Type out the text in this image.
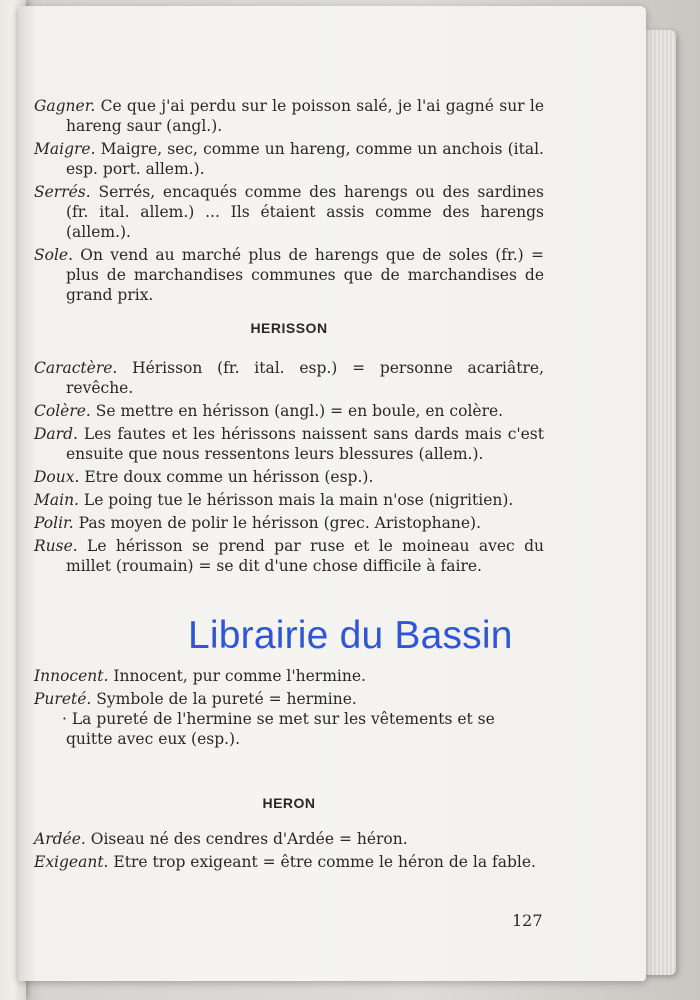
Gagner. Ce que j'ai perdu sur le poisson salé, je l'ai gagné sur le hareng saur (angl.).
Maigre. Maigre, sec, comme un hareng, comme un anchois (ital. esp. port. allem.).
Serrés. Serrés, encaqués comme des harengs ou des sardines (fr. ital. allem.) ... Ils étaient assis comme des harengs (allem.).
Sole. On vend au marché plus de harengs que de soles (fr.) = plus de marchandises communes que de marchandises de grand prix.
HERISSON
Caractère. Hérisson (fr. ital. esp.) = personne acariâtre, revêche.
Colère. Se mettre en hérisson (angl.) = en boule, en colère.
Dard. Les fautes et les hérissons naissent sans dards mais c'est ensuite que nous ressentons leurs blessures (allem.).
Doux. Etre doux comme un hérisson (esp.).
Main. Le poing tue le hérisson mais la main n'ose (nigritien).
Polir. Pas moyen de polir le hérisson (grec. Aristophane).
Ruse. Le hérisson se prend par ruse et le moineau avec du millet (roumain) = se dit d'une chose difficile à faire.
Innocent. Innocent, pur comme l'hermine.
Pureté. Symbole de la pureté = hermine.
· La pureté de l'hermine se met sur les vêtements et se quitte avec eux (esp.).
HERON
Ardée. Oiseau né des cendres d'Ardée = héron.
Exigeant. Etre trop exigeant = être comme le héron de la fable.
127
Librairie du Bassin
